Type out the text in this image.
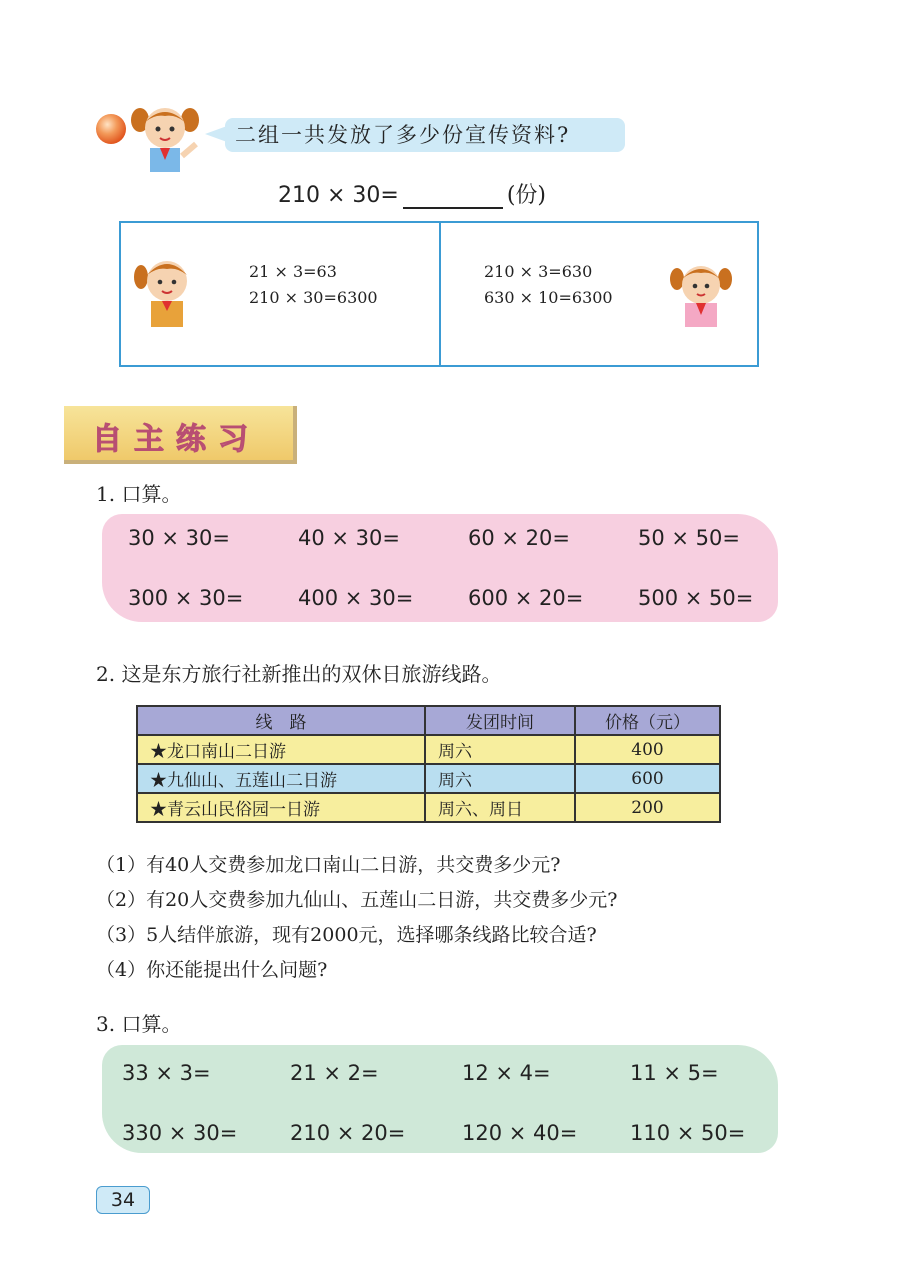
二组一共发放了多少份宣传资料?
210 × 30=	(份)
21 × 3=63
210 × 30=6300
210 × 3=630
630 × 10=6300
自主练习
1. 口算。
30 × 30=	40 × 30=	60 × 20=	50 × 50=
300 × 30=	400 × 30=	600 × 20=	500 × 50=
2. 这是东方旅行社新推出的双休日旅游线路。
线　路	发团时间	价格（元）
★龙口南山二日游	周六	400
★九仙山、五莲山二日游	周六	600
★青云山民俗园一日游	周六、周日	200
（1）有40人交费参加龙口南山二日游，共交费多少元?
（2）有20人交费参加九仙山、五莲山二日游，共交费多少元?
（3）5人结伴旅游，现有2000元，选择哪条线路比较合适?
（4）你还能提出什么问题?
3. 口算。
33 × 3=	21 × 2=	12 × 4=	11 × 5=
330 × 30=	210 × 20=	120 × 40=	110 × 50=
34
